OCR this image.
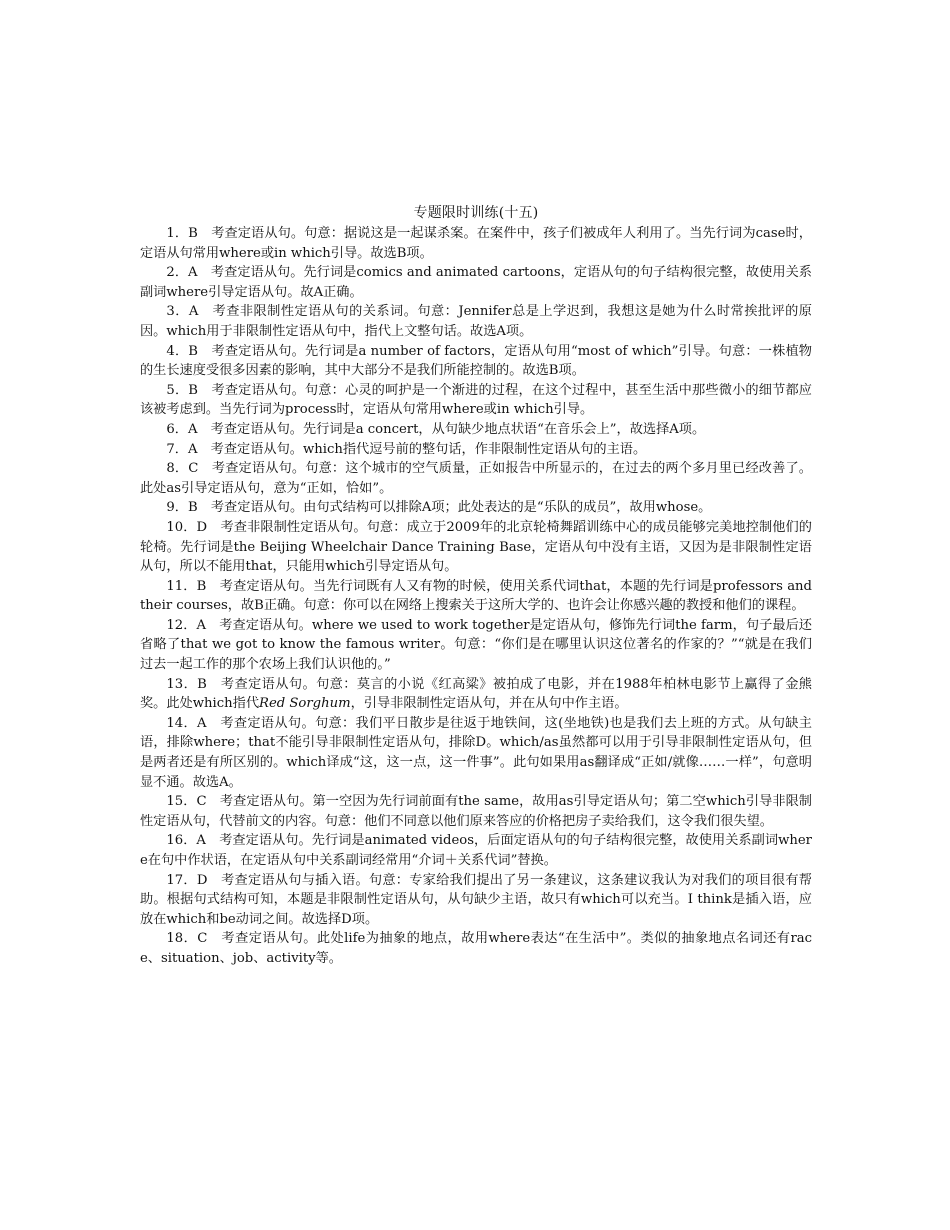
专题限时训练(十五)

1．B　考查定语从句。句意：据说这是一起谋杀案。在案件中，孩子们被成年人利用了。当先行词为case时，定语从句常用where或in which引导。故选B项。

2．A　考查定语从句。先行词是comics and animated cartoons，定语从句的句子结构很完整，故使用关系副词where引导定语从句。故A正确。

3．A　考查非限制性定语从句的关系词。句意：Jennifer总是上学迟到，我想这是她为什么时常挨批评的原因。which用于非限制性定语从句中，指代上文整句话。故选A项。

4．B　考查定语从句。先行词是a number of factors，定语从句用“most of which”引导。句意：一株植物的生长速度受很多因素的影响，其中大部分不是我们所能控制的。故选B项。

5．B　考查定语从句。句意：心灵的呵护是一个渐进的过程，在这个过程中，甚至生活中那些微小的细节都应该被考虑到。当先行词为process时，定语从句常用where或in which引导。

6．A　考查定语从句。先行词是a concert，从句缺少地点状语“在音乐会上”，故选择A项。

7．A　考查定语从句。which指代逗号前的整句话，作非限制性定语从句的主语。

8．C　考查定语从句。句意：这个城市的空气质量，正如报告中所显示的，在过去的两个多月里已经改善了。此处as引导定语从句，意为“正如，恰如”。

9．B　考查定语从句。由句式结构可以排除A项；此处表达的是“乐队的成员”，故用whose。

10．D　考查非限制性定语从句。句意：成立于2009年的北京轮椅舞蹈训练中心的成员能够完美地控制他们的轮椅。先行词是the Beijing Wheelchair Dance Training Base，定语从句中没有主语，又因为是非限制性定语从句，所以不能用that，只能用which引导定语从句。

11．B　考查定语从句。当先行词既有人又有物的时候，使用关系代词that，本题的先行词是professors and their courses，故B正确。句意：你可以在网络上搜索关于这所大学的、也许会让你感兴趣的教授和他们的课程。

12．A　考查定语从句。where we used to work together是定语从句，修饰先行词the farm，句子最后还省略了that we got to know the famous writer。句意：“你们是在哪里认识这位著名的作家的？”“就是在我们过去一起工作的那个农场上我们认识他的。”

13．B　考查定语从句。句意：莫言的小说《红高粱》被拍成了电影，并在1988年柏林电影节上赢得了金熊奖。此处which指代Red Sorghum，引导非限制性定语从句，并在从句中作主语。

14．A　考查定语从句。句意：我们平日散步是往返于地铁间，这(坐地铁)也是我们去上班的方式。从句缺主语，排除where；that不能引导非限制性定语从句，排除D。which/as虽然都可以用于引导非限制性定语从句，但是两者还是有所区别的。which译成“这，这一点，这一件事”。此句如果用as翻译成“正如/就像……一样”，句意明显不通。故选A。

15．C　考查定语从句。第一空因为先行词前面有the same，故用as引导定语从句；第二空which引导非限制性定语从句，代替前文的内容。句意：他们不同意以他们原来答应的价格把房子卖给我们，这令我们很失望。

16．A　考查定语从句。先行词是animated videos，后面定语从句的句子结构很完整，故使用关系副词where在句中作状语，在定语从句中关系副词经常用“介词＋关系代词”替换。

17．D　考查定语从句与插入语。句意：专家给我们提出了另一条建议，这条建议我认为对我们的项目很有帮助。根据句式结构可知，本题是非限制性定语从句，从句缺少主语，故只有which可以充当。I think是插入语，应放在which和be动词之间。故选择D项。

18．C　考查定语从句。此处life为抽象的地点，故用where表达“在生活中”。类似的抽象地点名词还有race、situation、job、activity等。
